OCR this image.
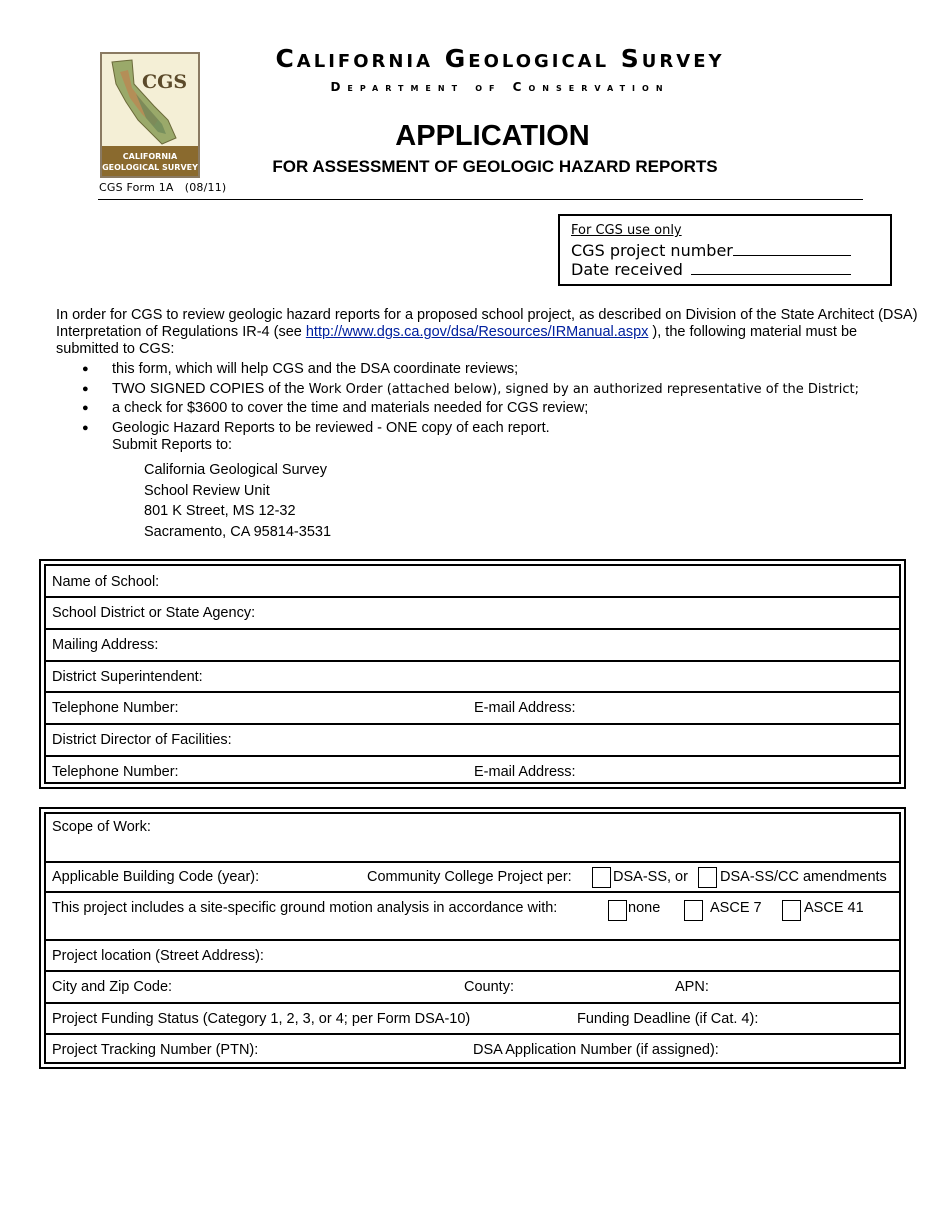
CGS
CALIFORNIA
GEOLOGICAL SURVEY
CGS Form 1A   (08/11)
California Geological Survey
Department of Conservation
APPLICATION
FOR ASSESSMENT OF GEOLOGIC HAZARD REPORTS
For CGS use only
CGS project number
Date received
In order for CGS to review geologic hazard reports for a proposed school project, as described on Division of the State Architect (DSA) Interpretation of Regulations IR-4 (see http://www.dgs.ca.gov/dsa/Resources/IRManual.aspx ), the following material must be submitted to CGS:
● this form, which will help CGS and the DSA coordinate reviews;
● TWO SIGNED COPIES of the Work Order (attached below), signed by an authorized representative of the District;
● a check for $3600 to cover the time and materials needed for CGS review;
● Geologic Hazard Reports to be reviewed - ONE copy of each report.
Submit Reports to:
California Geological Survey
School Review Unit
801 K Street, MS 12-32
Sacramento, CA 95814-3531
Name of School:
School District or State Agency:
Mailing Address:
District Superintendent:
Telephone Number:	E-mail Address:
District Director of Facilities:
Telephone Number:	E-mail Address:
Scope of Work:
Applicable Building Code (year):	Community College Project per:	DSA-SS, or DSA-SS/CC amendments
This project includes a site-specific ground motion analysis in accordance with:	none	ASCE 7	ASCE 41
Project location (Street Address):
City and Zip Code:	County:	APN:
Project Funding Status (Category 1, 2, 3, or 4; per Form DSA-10)	Funding Deadline (if Cat. 4):
Project Tracking Number (PTN):	DSA Application Number (if assigned):
